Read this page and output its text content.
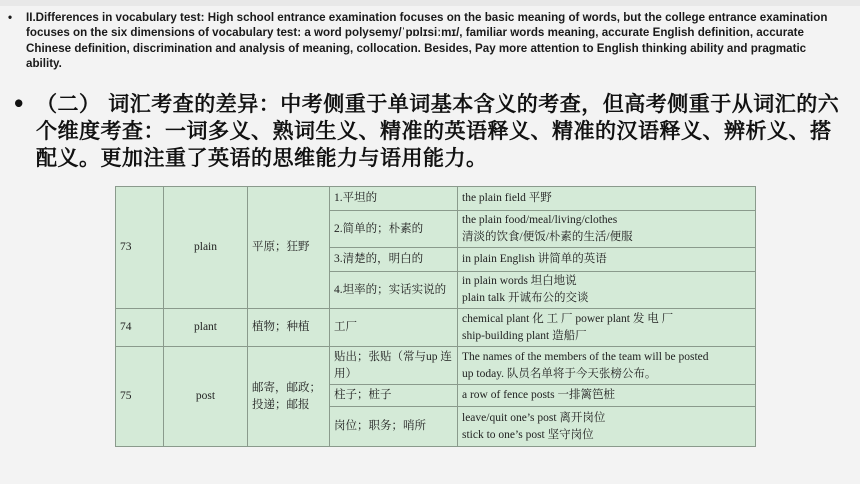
• II.Differences in vocabulary test: High school entrance examination focuses on the basic meaning of words, but the college entrance examination focuses on the six dimensions of vocabulary test: a word polysemy/ˈpɒlɪsiːmɪ/, familiar words meaning, accurate English definition, accurate Chinese definition, discrimination and analysis of meaning, collocation. Besides, Pay more attention to English thinking ability and pragmatic ability.
• （二） 词汇考查的差异：中考侧重于单词基本含义的考查，但高考侧重于从词汇的六个维度考查：一词多义、熟词生义、精准的英语释义、精准的汉语释义、辨析义、搭配义。更加注重了英语的思维能力与语用能力。
73	plain	平原；狂野	1.平坦的	the plain field 平野

			2.简单的；朴素的	the plain food/meal/living/clothes
清淡的饮食/便饭/朴素的生活/便服

			3.清楚的，明白的	in plain English 讲简单的英语

			4.坦率的；实话实说的	in plain words 坦白地说
plain talk 开诚布公的交谈

74	plant	植物；种植	工厂	chemical plant 化 工 厂 power plant 发 电 厂
ship-building plant 造船厂

75	post	邮寄，邮政；投递；邮报	贴出；张贴（常与up 连用）	The names of the members of the team will be posted
up today. 队员名单将于今天张榜公布。

			柱子；桩子	a row of fence posts 一排篱笆桩

			岗位；职务；哨所	leave/quit one’s post 离开岗位
stick to one’s post 坚守岗位
